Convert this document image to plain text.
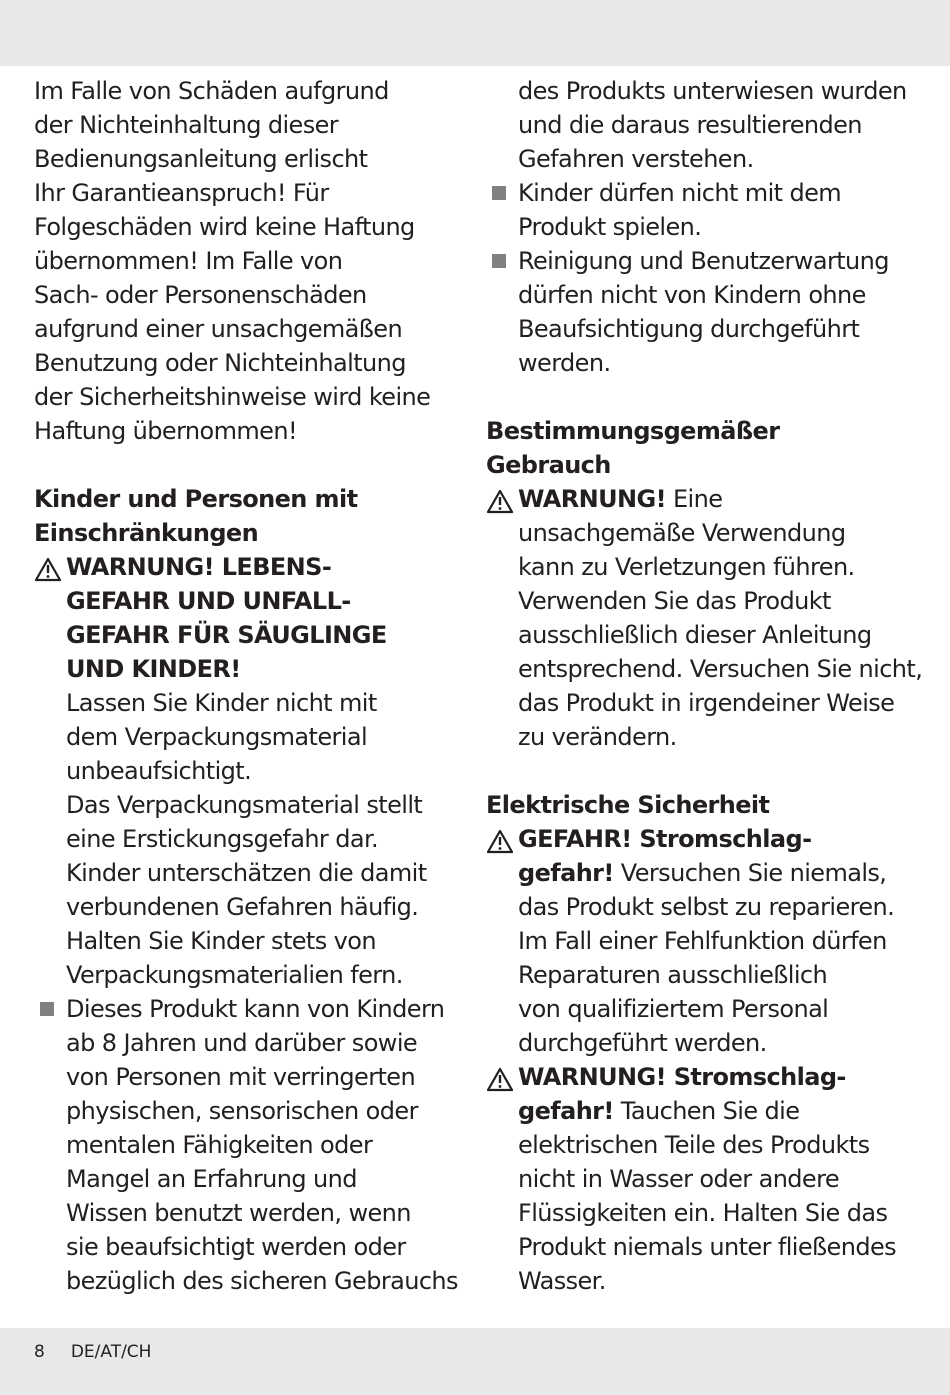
Im Falle von Schäden aufgrund
der Nichteinhaltung dieser
Bedienungsanleitung erlischt
Ihr Garantieanspruch! Für
Folgeschäden wird keine Haftung
übernommen! Im Falle von
Sach- oder Personenschäden
aufgrund einer unsachgemäßen
Benutzung oder Nichteinhaltung
der Sicherheitshinweise wird keine
Haftung übernommen!

Kinder und Personen mit
Einschränkungen

WARNUNG! LEBENS-
GEFAHR UND UNFALL-
GEFAHR FÜR SÄUGLINGE
UND KINDER!
Lassen Sie Kinder nicht mit
dem Verpackungsmaterial
unbeaufsichtigt.
Das Verpackungsmaterial stellt
eine Erstickungsgefahr dar.
Kinder unterschätzen die damit
verbundenen Gefahren häufig.
Halten Sie Kinder stets von
Verpackungsmaterialien fern.
Dieses Produkt kann von Kindern
ab 8 Jahren und darüber sowie
von Personen mit verringerten
physischen, sensorischen oder
mentalen Fähigkeiten oder
Mangel an Erfahrung und
Wissen benutzt werden, wenn
sie beaufsichtigt werden oder
bezüglich des sicheren Gebrauchs

des Produkts unterwiesen wurden
und die daraus resultierenden
Gefahren verstehen.

Kinder dürfen nicht mit dem
Produkt spielen.
Reinigung und Benutzerwartung
dürfen nicht von Kindern ohne
Beaufsichtigung durchgeführt
werden.

Bestimmungsgemäßer
Gebrauch

WARNUNG! Eine
unsachgemäße Verwendung
kann zu Verletzungen führen.
Verwenden Sie das Produkt
ausschließlich dieser Anleitung
entsprechend. Versuchen Sie nicht,
das Produkt in irgendeiner Weise
zu verändern.

Elektrische Sicherheit

GEFAHR! Stromschlag-
gefahr! Versuchen Sie niemals,
das Produkt selbst zu reparieren.
Im Fall einer Fehlfunktion dürfen
Reparaturen ausschließlich
von qualifiziertem Personal
durchgeführt werden.
WARNUNG! Stromschlag-
gefahr! Tauchen Sie die
elektrischen Teile des Produkts
nicht in Wasser oder andere
Flüssigkeiten ein. Halten Sie das
Produkt niemals unter fließendes
Wasser.
8 DE/AT/CH
